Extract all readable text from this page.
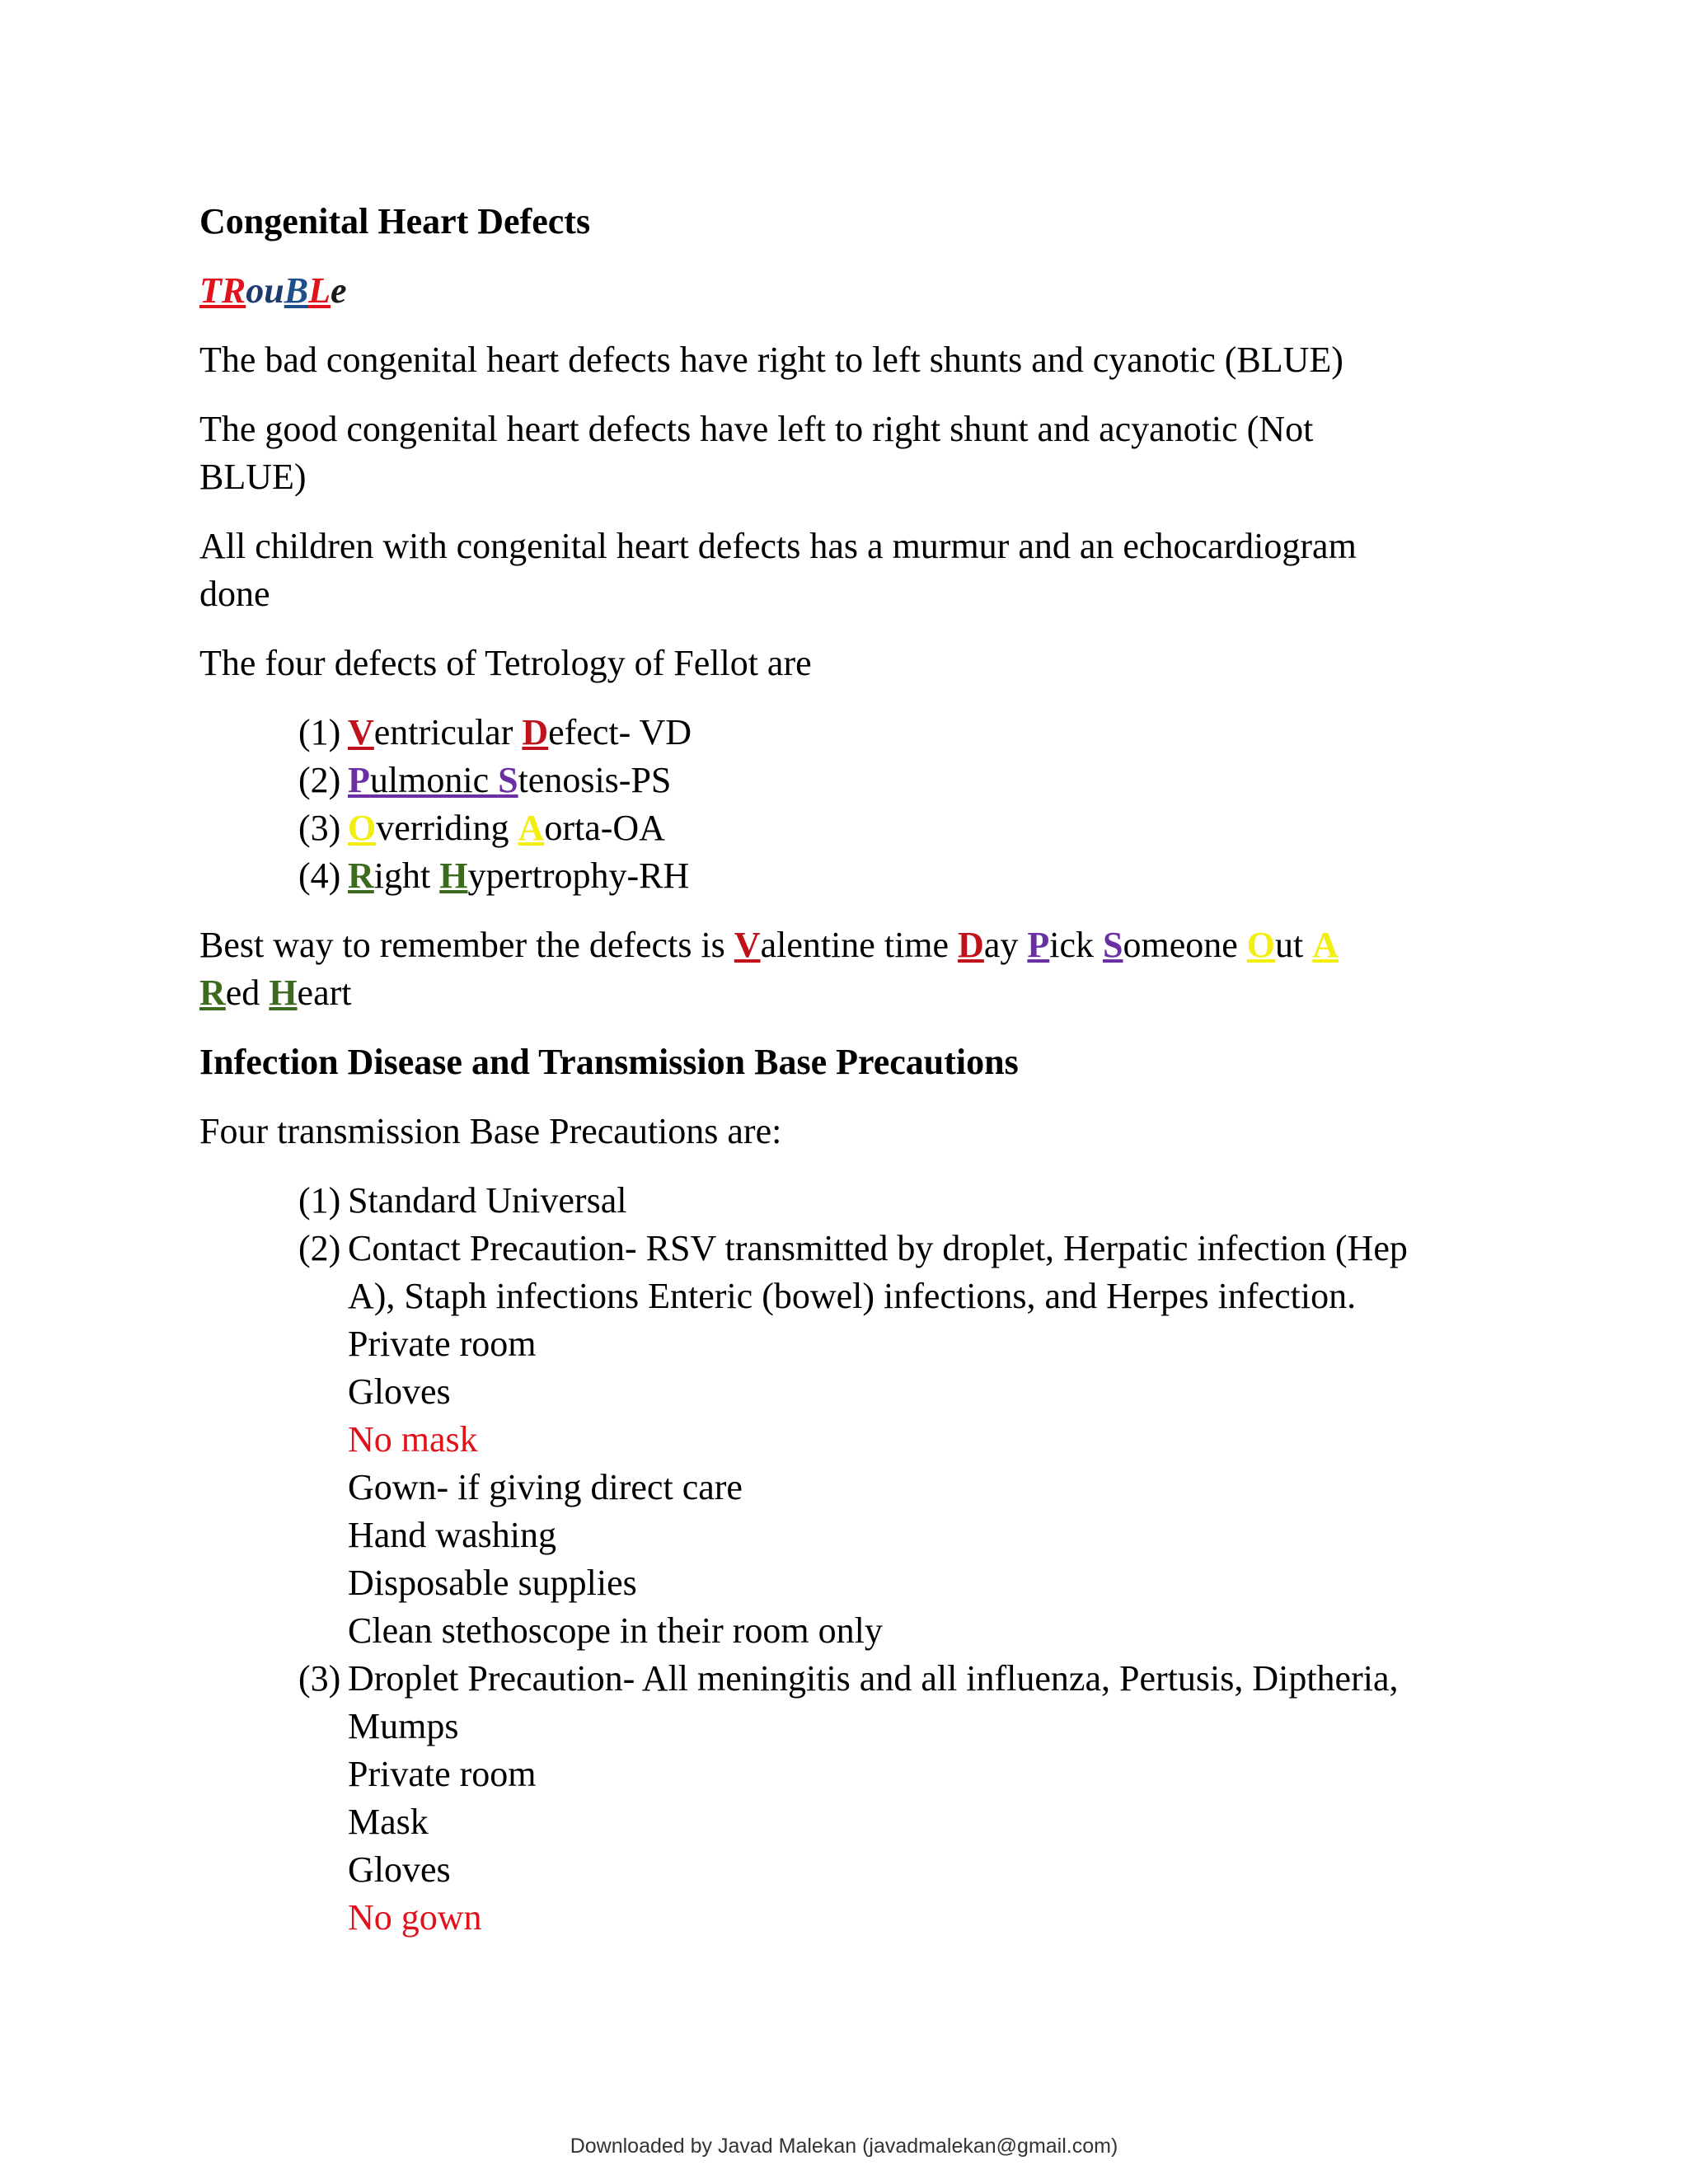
Congenital Heart Defects
TRouBLe
The bad congenital heart defects have right to left shunts and cyanotic (BLUE)
The good congenital heart defects have left to right shunt and acyanotic (Not
BLUE)
All children with congenital heart defects has a murmur and an echocardiogram
done
The four defects of Tetrology of Fellot are
(1) Ventricular Defect- VD
(2) Pulmonic Stenosis-PS
(3) Overriding Aorta-OA
(4) Right Hypertrophy-RH
Best way to remember the defects is Valentine time Day Pick Someone Out A
Red Heart
Infection Disease and Transmission Base Precautions
Four transmission Base Precautions are:
(1) Standard Universal
(2) Contact Precaution- RSV transmitted by droplet, Herpatic infection (Hep
A), Staph infections Enteric (bowel) infections, and Herpes infection.
Private room
Gloves
No mask
Gown- if giving direct care
Hand washing
Disposable supplies
Clean stethoscope in their room only
(3) Droplet Precaution- All meningitis and all influenza, Pertusis, Diptheria,
Mumps
Private room
Mask
Gloves
No gown
Downloaded by Javad Malekan (javadmalekan@gmail.com)
